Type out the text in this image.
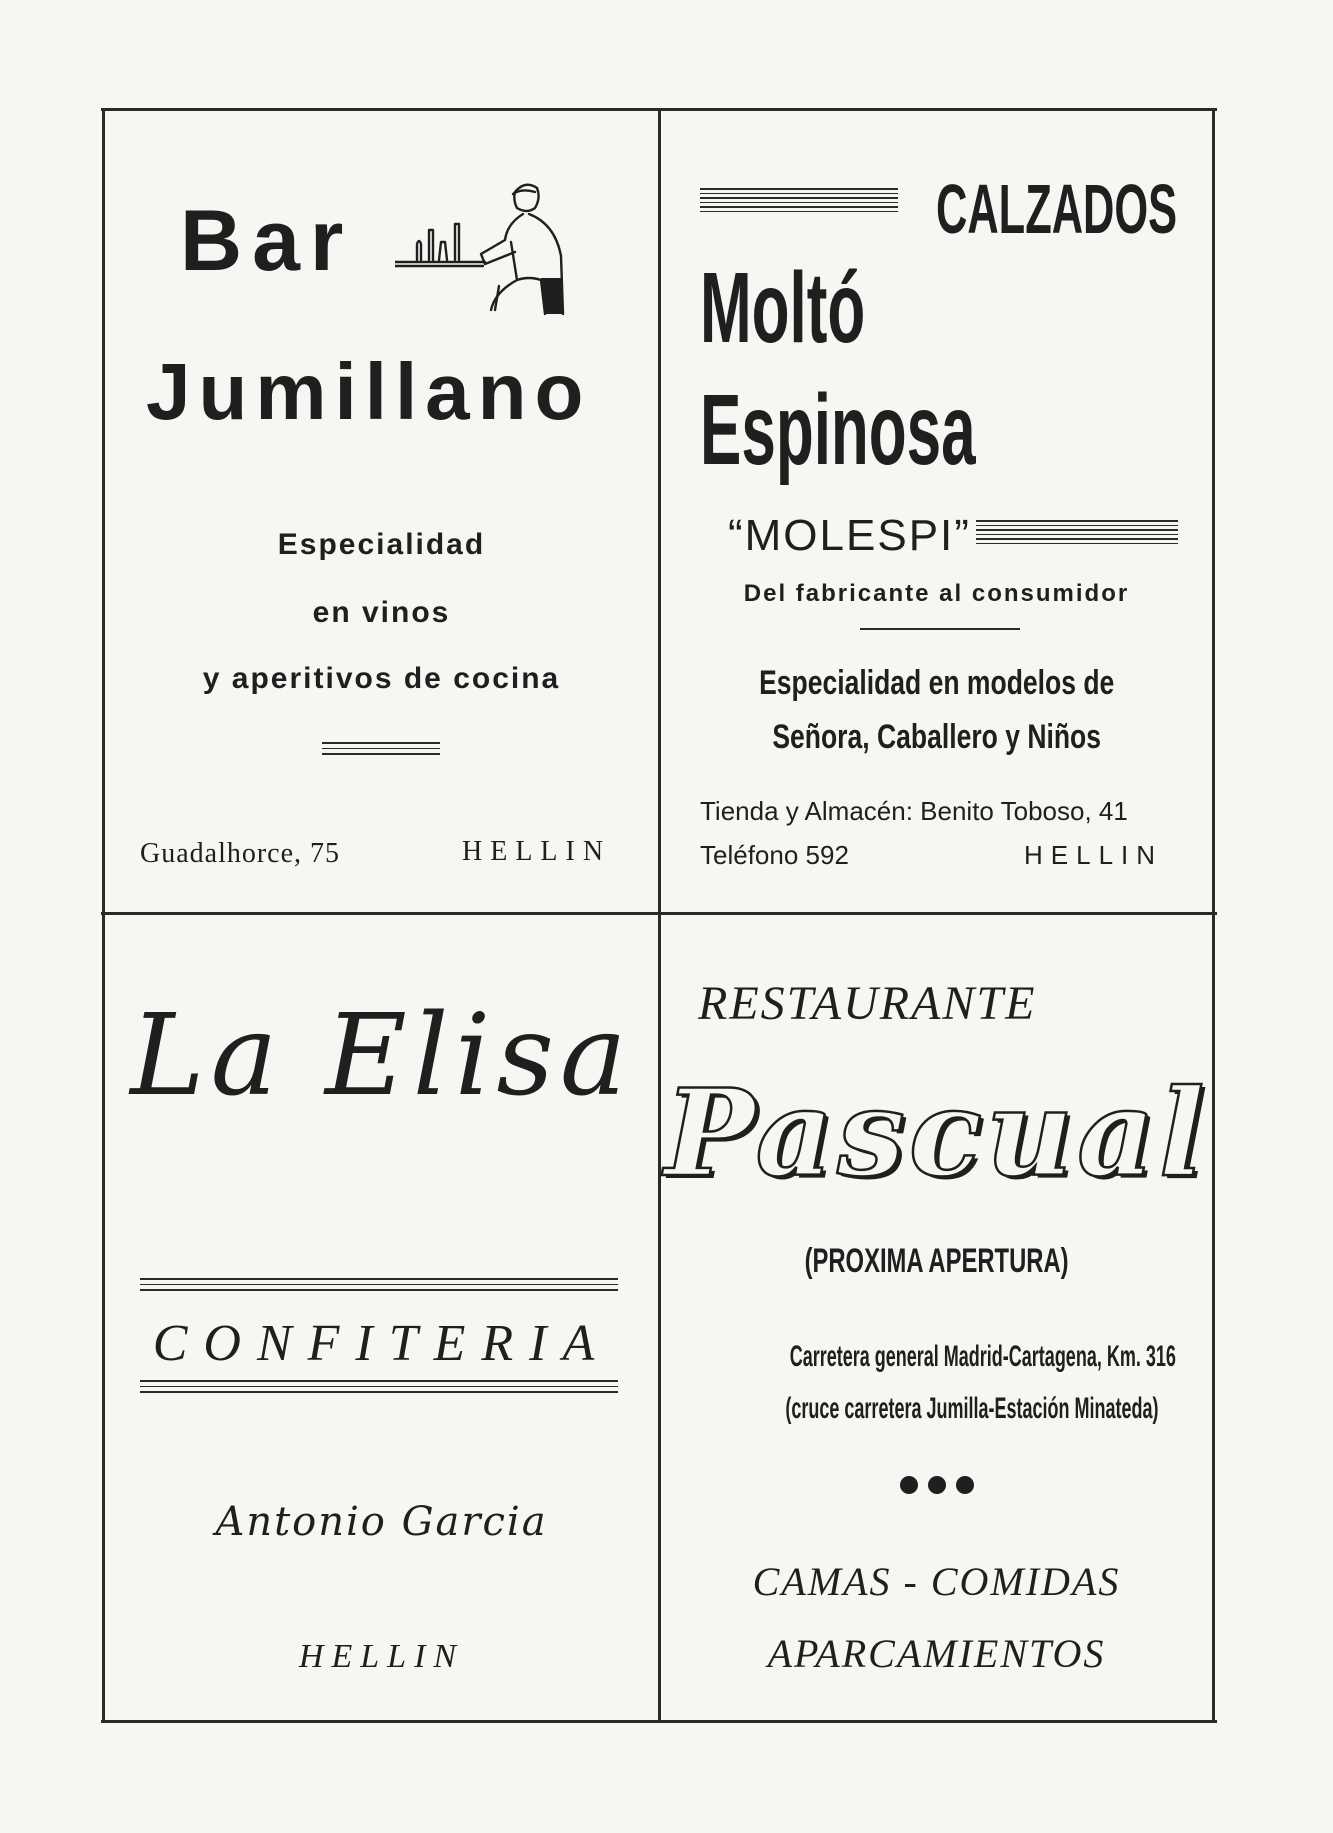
Bar
Jumillano
Especialidad
en vinos
y aperitivos de cocina
Guadalhorce, 75	HELLIN
CALZADOS
Moltó
Espinosa
“MOLESPI”
Del fabricante al consumidor
Especialidad en modelos de
Señora, Caballero y Niños
Tienda y Almacén: Benito Toboso, 41
Teléfono 592	HELLIN
La Elisa
CONFITERIA
Antonio Garcia
HELLIN
RESTAURANTE
Pascual
(PROXIMA APERTURA)
Carretera general Madrid-Cartagena, Km. 316
(cruce carretera Jumilla-Estación Minateda)
CAMAS - COMIDAS
APARCAMIENTOS
